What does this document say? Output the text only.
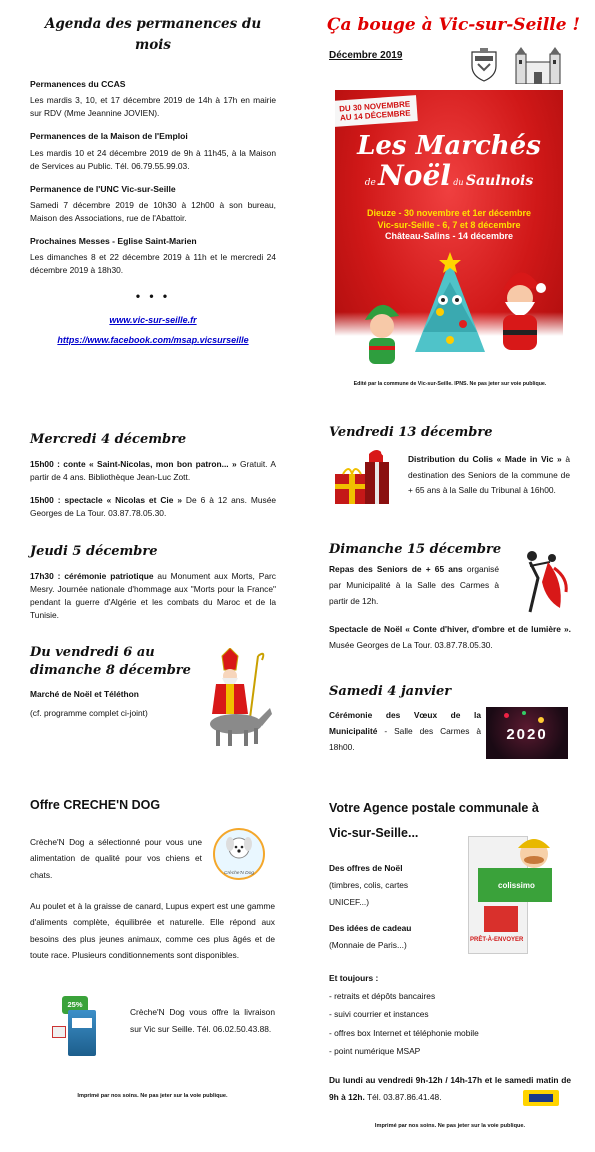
Agenda des permanences du mois
Permanences du CCAS
Les mardis 3, 10, et 17 décembre 2019 de 14h à 17h en mairie sur RDV (Mme Jeannine JOVIEN).
Permanences de la Maison de l'Emploi
Les mardis 10 et 24 décembre 2019 de 9h à 11h45, à la Maison de Services au Public. Tél. 06.79.55.99.03.
Permanence de l'UNC Vic-sur-Seille
Samedi 7 décembre 2019 de 10h30 à 12h00 à son bureau, Maison des Associations, rue de l'Abattoir.
Prochaines Messes - Eglise Saint-Marien
Les dimanches 8 et 22 décembre 2019 à 11h et le mercredi 24 décembre 2019 à 18h30.
• • •
www.vic-sur-seille.fr
https://www.facebook.com/msap.vicsurseille
Ça bouge à Vic-sur-Seille !
Décembre 2019
DU 30 NOVEMBRE
AU 14 DÉCEMBRE
Les Marchés
de Noël du Saulnois
Dieuze - 30 novembre et 1er décembre
Vic-sur-Seille - 6, 7 et 8 décembre
Château-Salins - 14 décembre
Edité par la commune de Vic-sur-Seille. IPNS. Ne pas jeter sur voie publique.
Mercredi 4 décembre
15h00 : conte « Saint-Nicolas, mon bon patron... » Gratuit. A partir de 4 ans. Bibliothèque Jean-Luc Zott.
15h00 : spectacle « Nicolas et Cie » De 6 à 12 ans. Musée Georges de La Tour. 03.87.78.05.30.
Jeudi 5 décembre
17h30 : cérémonie patriotique au Monument aux Morts, Parc Mesry. Journée nationale d'hommage aux "Morts pour la France" pendant la guerre d'Algérie et les combats du Maroc et de la Tunisie.
Du vendredi 6 au
dimanche 8 décembre
Marché de Noël et Téléthon
(cf. programme complet ci-joint)
Vendredi 13 décembre
Distribution du Colis « Made in Vic » à destination des Seniors de la commune de + 65 ans à la Salle du Tribunal à 16h00.
Dimanche 15 décembre
Repas des Seniors de + 65 ans organisé par Municipalité à la Salle des Carmes à partir de 12h.
Spectacle de Noël « Conte d'hiver, d'ombre et de lumière ». Musée Georges de La Tour. 03.87.78.05.30.
Samedi 4 janvier
Cérémonie des Vœux de la Municipalité - Salle des Carmes à 18h00.
2020
Offre CRECHE'N DOG
Crèche'N Dog a sélectionné pour vous une alimentation de qualité pour vos chiens et chats.	Crèche'N Dog
Au poulet et à la graisse de canard, Lupus expert est une gamme d'aliments complète, équilibrée et naturelle. Elle répond aux besoins des plus jeunes animaux, comme ces plus âgés et de toute race. Plusieurs conditionnements sont disponibles.
25%
Crèche'N Dog vous offre la livraison sur Vic sur Seille. Tél. 06.02.50.43.88.
Imprimé par nos soins. Ne pas jeter sur la voie publique.
Votre Agence postale communale à
Vic-sur-Seille...
Des offres de Noël
(timbres, colis, cartes UNICEF...)
Des idées de cadeau
(Monnaie de Paris...)
colissimo
PRÊT-À-ENVOYER
Et toujours :
- retraits et dépôts bancaires
- suivi courrier et instances
- offres box Internet et téléphonie mobile
- point numérique MSAP
Du lundi au vendredi 9h-12h / 14h-17h et le samedi matin de 9h à 12h. Tél. 03.87.86.41.48.
Imprimé par nos soins. Ne pas jeter sur la voie publique.
